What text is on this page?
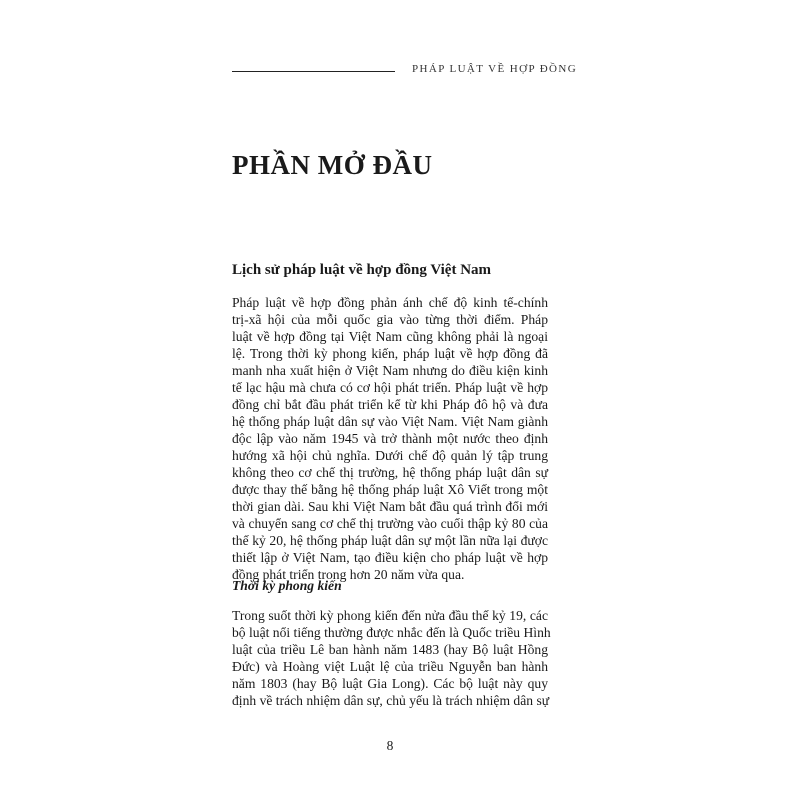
PHÁP LUẬT VỀ HỢP ĐỒNG
PHẦN MỞ ĐẦU
Lịch sử pháp luật về hợp đồng Việt Nam
Pháp luật về hợp đồng phản ánh chế độ kinh tế-chính
trị-xã hội của mỗi quốc gia vào từng thời điểm. Pháp
luật về hợp đồng tại Việt Nam cũng không phải là ngoại
lệ. Trong thời kỳ phong kiến, pháp luật về hợp đồng đã
manh nha xuất hiện ở Việt Nam nhưng do điều kiện kinh
tế lạc hậu mà chưa có cơ hội phát triển. Pháp luật về hợp
đồng chỉ bắt đầu phát triển kể từ khi Pháp đô hộ và đưa
hệ thống pháp luật dân sự vào Việt Nam. Việt Nam giành
độc lập vào năm 1945 và trở thành một nước theo định
hướng xã hội chủ nghĩa. Dưới chế độ quản lý tập trung
không theo cơ chế thị trường, hệ thống pháp luật dân sự
được thay thế bằng hệ thống pháp luật Xô Viết trong một
thời gian dài. Sau khi Việt Nam bắt đầu quá trình đổi mới
và chuyển sang cơ chế thị trường vào cuối thập kỷ 80 của
thế kỷ 20, hệ thống pháp luật dân sự một lần nữa lại được
thiết lập ở Việt Nam, tạo điều kiện cho pháp luật về hợp
đồng phát triển trong hơn 20 năm vừa qua.
Thời kỳ phong kiến
Trong suốt thời kỳ phong kiến đến nửa đầu thế kỷ 19, các
bộ luật nổi tiếng thường được nhắc đến là Quốc triều Hình
luật của triều Lê ban hành năm 1483 (hay Bộ luật Hồng
Đức) và Hoàng việt Luật lệ của triều Nguyễn ban hành
năm 1803 (hay Bộ luật Gia Long). Các bộ luật này quy
định về trách nhiệm dân sự, chủ yếu là trách nhiệm dân sự
8
